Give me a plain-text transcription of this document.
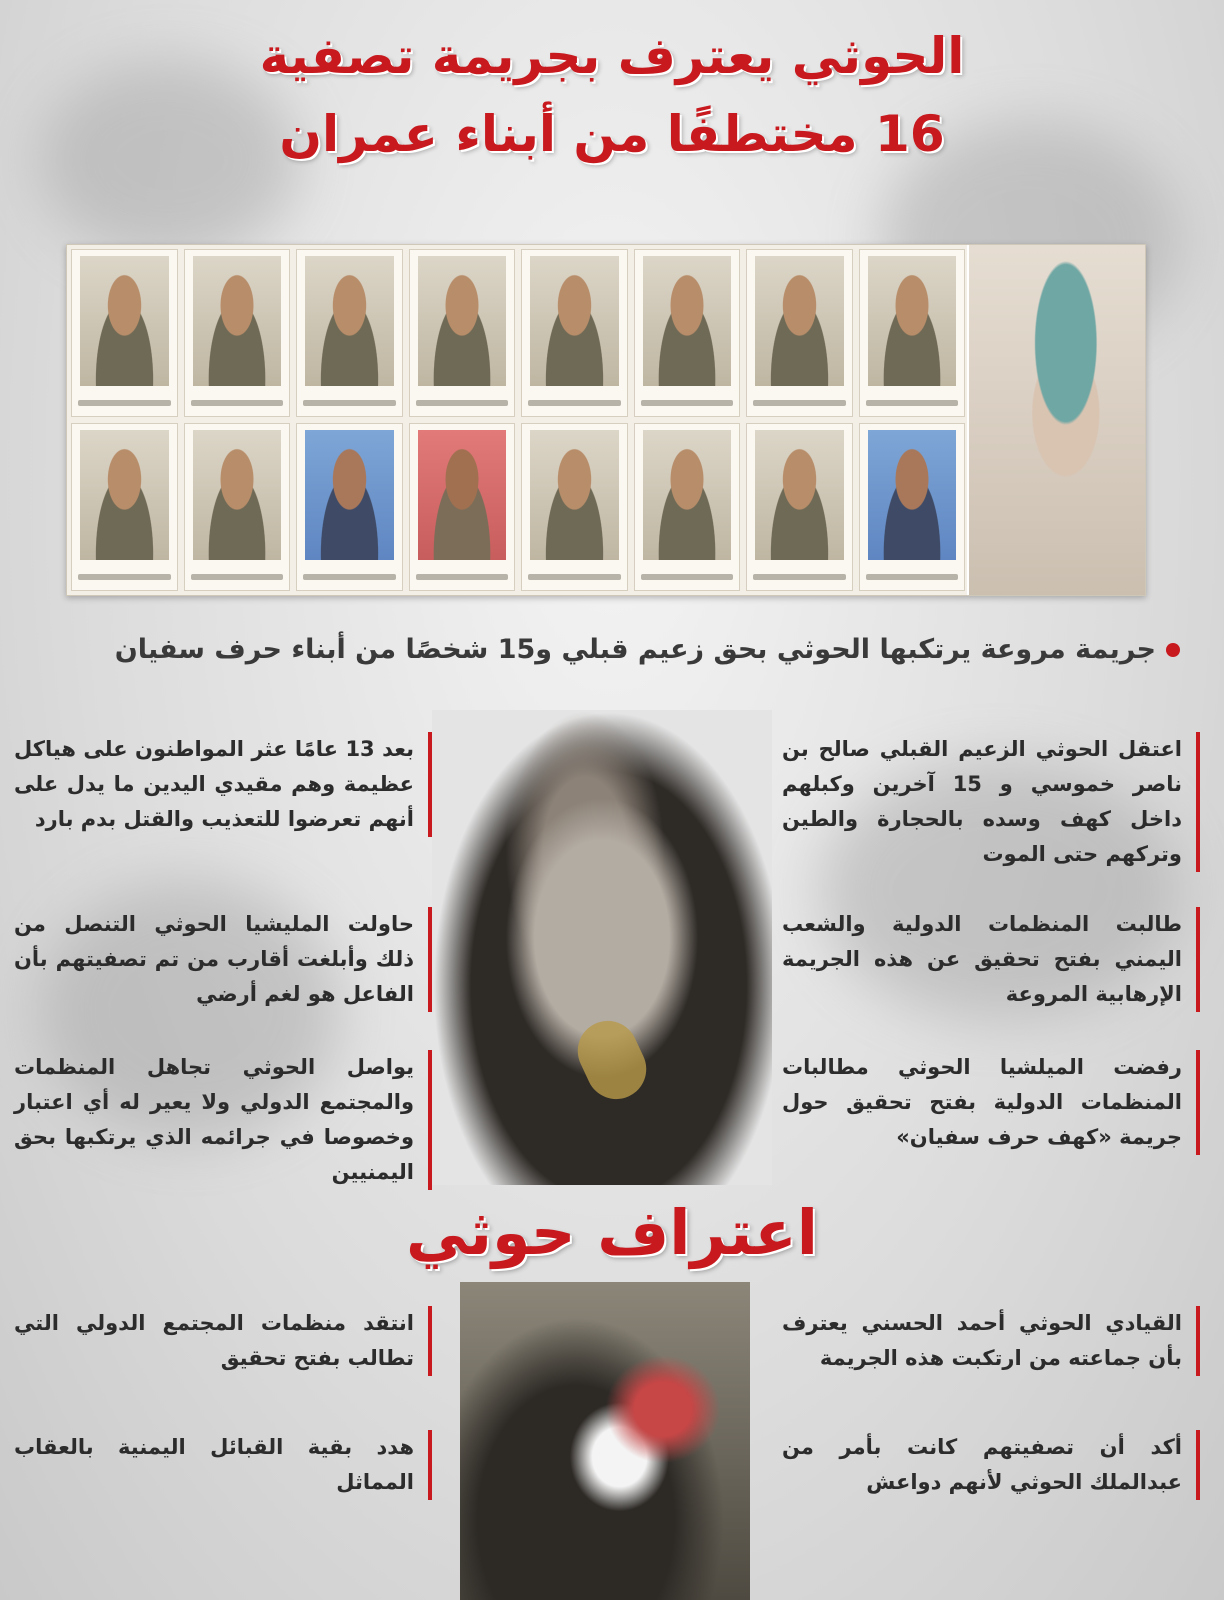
الحوثي يعترف بجريمة تصفية
16 مختطفًا من أبناء عمران
جريمة مروعة يرتكبها الحوثي بحق زعيم قبلي و15 شخصًا من أبناء حرف سفيان
اعتقل الحوثي الزعيم القبلي صالح بن ناصر خموسي و 15 آخرين وكبلهم داخل كهف وسده بالحجارة والطين وتركهم حتى الموت
طالبت المنظمات الدولية والشعب اليمني بفتح تحقيق عن هذه الجريمة الإرهابية المروعة
رفضت الميلشيا الحوثي مطالبات المنظمات الدولية بفتح تحقيق حول جريمة «كهف حرف سفيان»
بعد 13 عامًا عثر المواطنون على هياكل عظيمة وهم مقيدي اليدين ما يدل على أنهم تعرضوا للتعذيب والقتل بدم بارد
حاولت المليشيا الحوثي التنصل من ذلك وأبلغت أقارب من تم تصفيتهم بأن الفاعل هو لغم أرضي
يواصل الحوثي تجاهل المنظمات والمجتمع الدولي ولا يعير له أي اعتبار وخصوصا في جرائمه الذي يرتكبها بحق اليمنيين
اعتراف حوثي
القيادي الحوثي أحمد الحسني يعترف بأن جماعته من ارتكبت هذه الجريمة
أكد أن تصفيتهم كانت بأمر من عبدالملك الحوثي لأنهم دواعش
انتقد منظمات المجتمع الدولي التي تطالب بفتح تحقيق
هدد بقية القبائل اليمنية بالعقاب المماثل
